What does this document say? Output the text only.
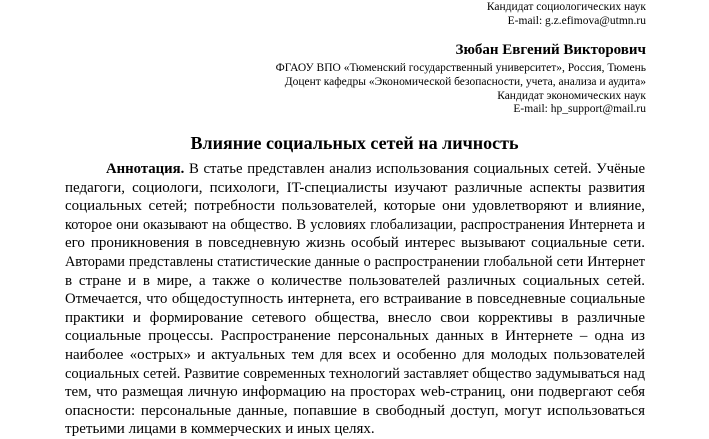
Кандидат социологических наук
E-mail: g.z.efimova@utmn.ru
Зюбан Евгений Викторович
ФГАОУ ВПО «Тюменский государственный университет», Россия, Тюмень
Доцент кафедры «Экономической безопасности, учета, анализа и аудита»
Кандидат экономических наук
E-mail: hp_support@mail.ru
Влияние социальных сетей на личность
Аннотация. В статье представлен анализ использования социальных сетей. Учёные
педагоги, социологи, психологи, IT-специалисты изучают различные аспекты развития
социальных сетей; потребности пользователей, которые они удовлетворяют и влияние,
которое они оказывают на общество. В условиях глобализации, распространения Интернета и
его проникновения в повседневную жизнь особый интерес вызывают социальные сети.
Авторами представлены статистические данные о распространении глобальной сети Интернет
в стране и в мире, а также о количестве пользователей различных социальных сетей.
Отмечается, что общедоступность интернета, его встраивание в повседневные социальные
практики и формирование сетевого общества, внесло свои коррективы в различные
социальные процессы. Распространение персональных данных в Интернете – одна из
наиболее «острых» и актуальных тем для всех и особенно для молодых пользователей
социальных сетей. Развитие современных технологий заставляет общество задумываться над
тем, что размещая личную информацию на просторах web-страниц, они подвергают себя
опасности: персональные данные, попавшие в свободный доступ, могут использоваться
третьими лицами в коммерческих и иных целях.
